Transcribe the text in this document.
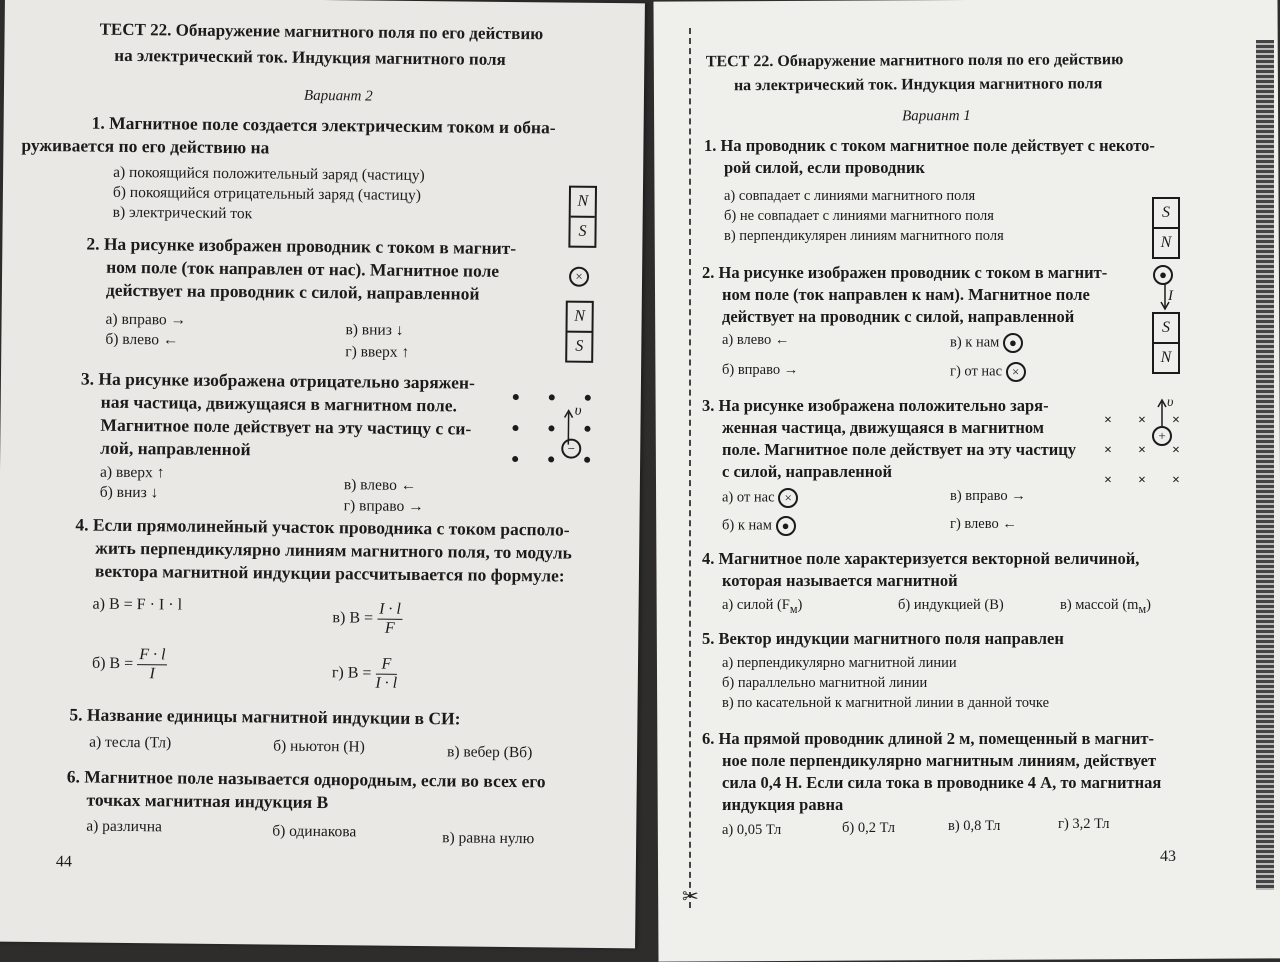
ТЕСТ 22. Обнаружение магнитного поля по его действию
на электрический ток. Индукция магнитного поля
Вариант 2
1. Магнитное поле создается электрическим током и обна-
руживается по его действию на
а) покоящийся положительный заряд (частицу)
б) покоящийся отрицательный заряд (частицу)
в) электрический ток
N
S
×
N
S
2. На рисунке изображен проводник с током в магнит-
ном поле (ток направлен от нас). Магнитное поле
действует на проводник с силой, направленной
а) вправо →
б) влево ←
в) вниз ↓
г) вверх ↑
3. На рисунке изображена отрицательно заряжен-
ная частица, движущаяся в магнитном поле.
Магнитное поле действует на эту частицу с си-
лой, направленной
υ
−
а) вверх ↑
б) вниз ↓	в) влево ←
г) вправо →
4. Если прямолинейный участок проводника с током располо-
жить перпендикулярно линиям магнитного поля, то модуль
вектора магнитной индукции рассчитывается по формуле:
а) B = F · I · l
в) $B = \frac{I \cdot l}{F}$
б) $B = \frac{F \cdot l}{I}$	г) $B = \frac{F}{I \cdot l}$
5. Название единицы магнитной индукции в СИ:
а) тесла (Тл)	б) ньютон (Н)	в) вебер (Вб)
6. Магнитное поле называется однородным, если во всех его
точках магнитная индукция B
а) различна	б) одинакова	в) равна нулю
44
ТЕСТ 22. Обнаружение магнитного поля по его действию
на электрический ток. Индукция магнитного поля
Вариант 1
✂
1. На проводник с током магнитное поле действует с некото-
рой силой, если проводник
а) совпадает с линиями магнитного поля
б) не совпадает с линиями магнитного поля
в) перпендикулярен линиям магнитного поля
S
N
●
I
S
N
2. На рисунке изображен проводник с током в магнит-
ном поле (ток направлен к нам). Магнитное поле
действует на проводник с силой, направленной
а) влево ←
б) вправо →
в) к нам ●
г) от нас ×
3. На рисунке изображена положительно заря-
женная частица, движущаяся в магнитном
поле. Магнитное поле действует на эту частицу
с силой, направленной
× × ×
× × ×
× × ×
υ
+
а) от нас ×
б) к нам ●
в) вправо →
г) влево ←
4. Магнитное поле характеризуется векторной величиной,
которая называется магнитной
а) силой $(F_м)$	б) индукцией (B)	в) массой $(m_м)$
5. Вектор индукции магнитного поля направлен
а) перпендикулярно магнитной линии
б) параллельно магнитной линии
в) по касательной к магнитной линии в данной точке
6. На прямой проводник длиной 2 м, помещенный в магнит-
ное поле перпендикулярно магнитным линиям, действует
сила 0,4 Н. Если сила тока в проводнике 4 А, то магнитная
индукция равна
а) 0,05 Тл	б) 0,2 Тл	в) 0,8 Тл	г) 3,2 Тл
43
